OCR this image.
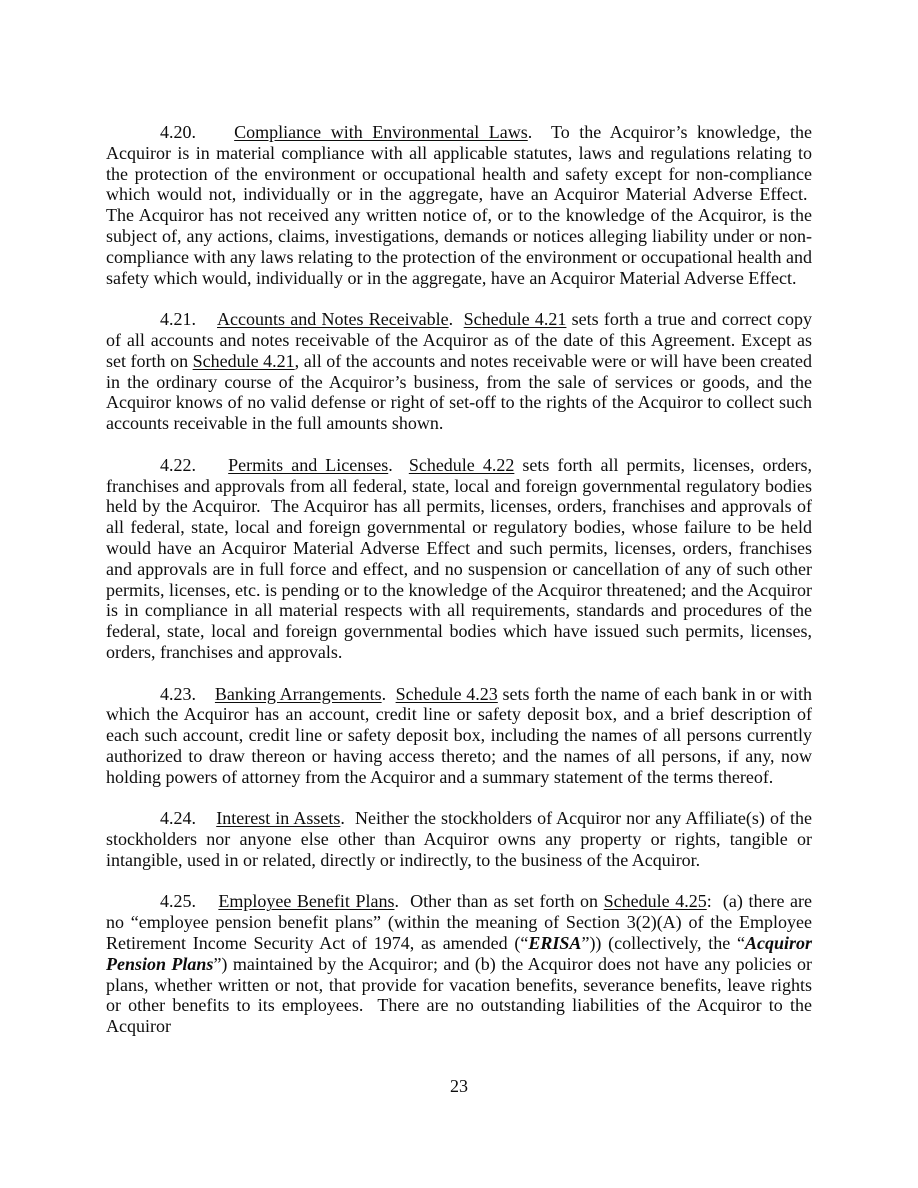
4.20.    Compliance with Environmental Laws.  To the Acquiror’s knowledge, the Acquiror is in material compliance with all applicable statutes, laws and regulations relating to the protection of the environment or occupational health and safety except for non-compliance which would not, individually or in the aggregate, have an Acquiror Material Adverse Effect.  The Acquiror has not received any written notice of, or to the knowledge of the Acquiror, is the subject of, any actions, claims, investigations, demands or notices alleging liability under or non-compliance with any laws relating to the protection of the environment or occupational health and safety which would, individually or in the aggregate, have an Acquiror Material Adverse Effect.

4.21.    Accounts and Notes Receivable.  Schedule 4.21 sets forth a true and correct copy of all accounts and notes receivable of the Acquiror as of the date of this Agreement. Except as set forth on Schedule 4.21, all of the accounts and notes receivable were or will have been created in the ordinary course of the Acquiror’s business, from the sale of services or goods, and the Acquiror knows of no valid defense or right of set-off to the rights of the Acquiror to collect such accounts receivable in the full amounts shown.

4.22.    Permits and Licenses.  Schedule 4.22 sets forth all permits, licenses, orders, franchises and approvals from all federal, state, local and foreign governmental regulatory bodies held by the Acquiror.  The Acquiror has all permits, licenses, orders, franchises and approvals of all federal, state, local and foreign governmental or regulatory bodies, whose failure to be held would have an Acquiror Material Adverse Effect and such permits, licenses, orders, franchises and approvals are in full force and effect, and no suspension or cancellation of any of such other permits, licenses, etc. is pending or to the knowledge of the Acquiror threatened; and the Acquiror is in compliance in all material respects with all requirements, standards and procedures of the federal, state, local and foreign governmental bodies which have issued such permits, licenses, orders, franchises and approvals.

4.23.    Banking Arrangements.  Schedule 4.23 sets forth the name of each bank in or with which the Acquiror has an account, credit line or safety deposit box, and a brief description of each such account, credit line or safety deposit box, including the names of all persons currently authorized to draw thereon or having access thereto; and the names of all persons, if any, now holding powers of attorney from the Acquiror and a summary statement of the terms thereof.

4.24.    Interest in Assets.  Neither the stockholders of Acquiror nor any Affiliate(s) of the stockholders nor anyone else other than Acquiror owns any property or rights, tangible or intangible, used in or related, directly or indirectly, to the business of the Acquiror.

4.25.    Employee Benefit Plans.  Other than as set forth on Schedule 4.25:  (a) there are no “employee pension benefit plans” (within the meaning of Section 3(2)(A) of the Employee Retirement Income Security Act of 1974, as amended (“ERISA”)) (collectively, the “Acquiror Pension Plans”) maintained by the Acquiror; and (b) the Acquiror does not have any policies or plans, whether written or not, that provide for vacation benefits, severance benefits, leave rights or other benefits to its employees.  There are no outstanding liabilities of the Acquiror to the Acquiror

23
